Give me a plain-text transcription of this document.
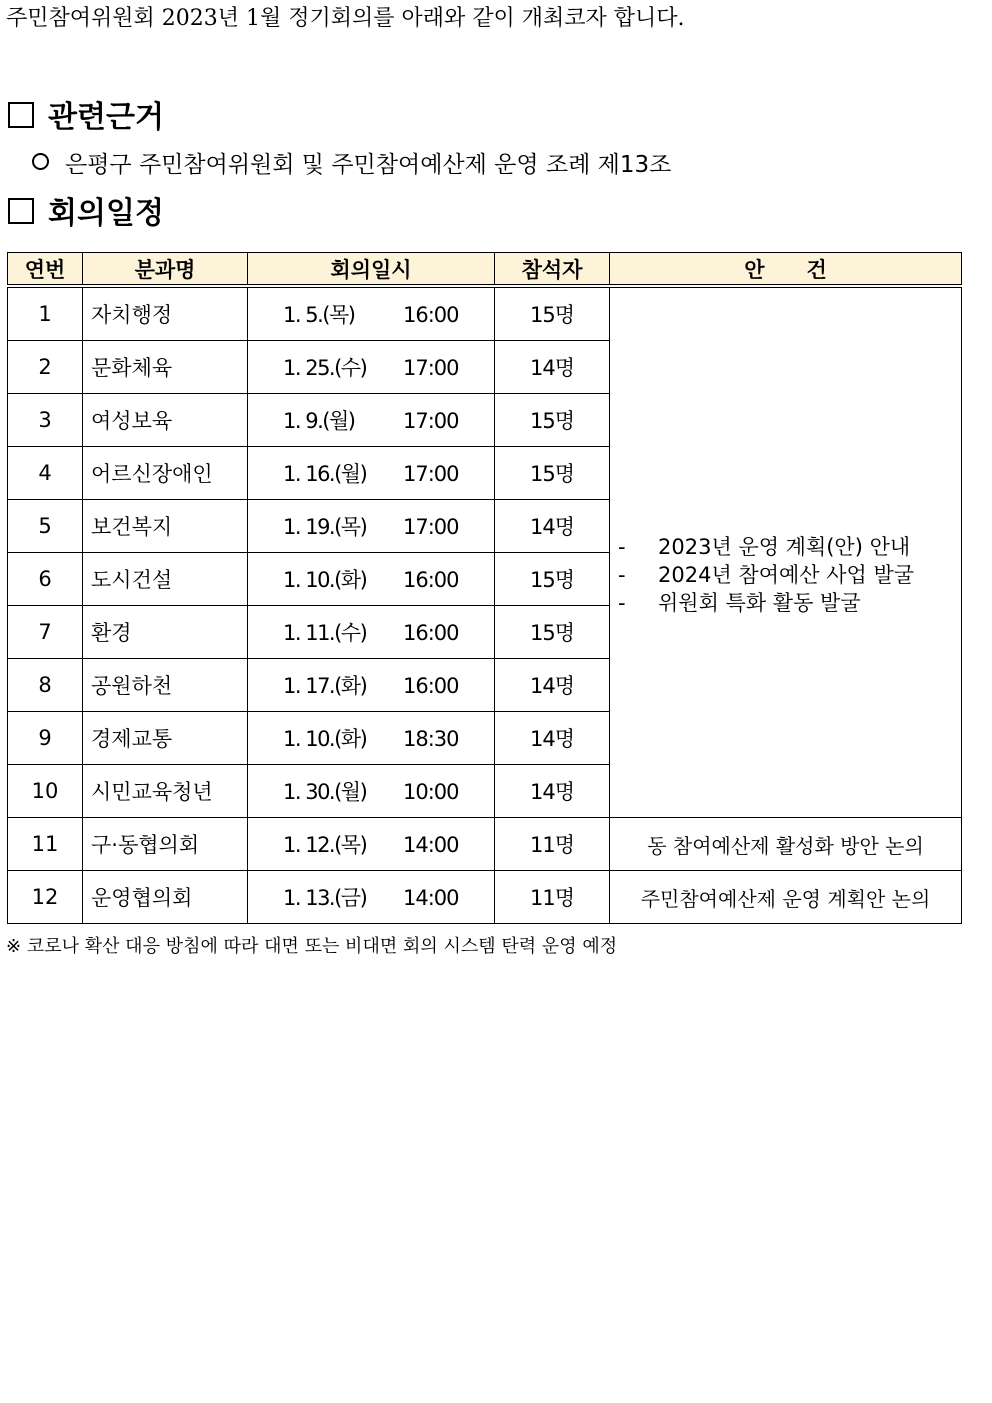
주민참여위원회 2023년 1월 정기회의를 아래와 같이 개최코자 합니다.
관련근거
은평구 주민참여위원회 및 주민참여예산제 운영 조례 제13조
회의일정
연번	분과명	회의일시	참석자	안　　건
1	자치행정	1. 5.(목) 16:00	15명	- 2023년 운영 계획(안) 안내
- 2024년 참여예산 사업 발굴
- 위원회 특화 활동 발굴

2	문화체육	1. 25.(수) 17:00	14명	
3	여성보육	1. 9.(월) 17:00	15명	
4	어르신장애인	1. 16.(월) 17:00	15명	
5	보건복지	1. 19.(목) 17:00	14명	
6	도시건설	1. 10.(화) 16:00	15명	
7	환경	1. 11.(수) 16:00	15명	
8	공원하천	1. 17.(화) 16:00	14명	
9	경제교통	1. 10.(화) 18:30	14명	
10	시민교육청년	1. 30.(월) 10:00	14명	
11	구·동협의회	1. 12.(목) 14:00	11명	동 참여예산제 활성화 방안 논의
12	운영협의회	1. 13.(금) 14:00	11명	주민참여예산제 운영 계획안 논의
※ 코로나 확산 대응 방침에 따라 대면 또는 비대면 회의 시스템 탄력 운영 예정
